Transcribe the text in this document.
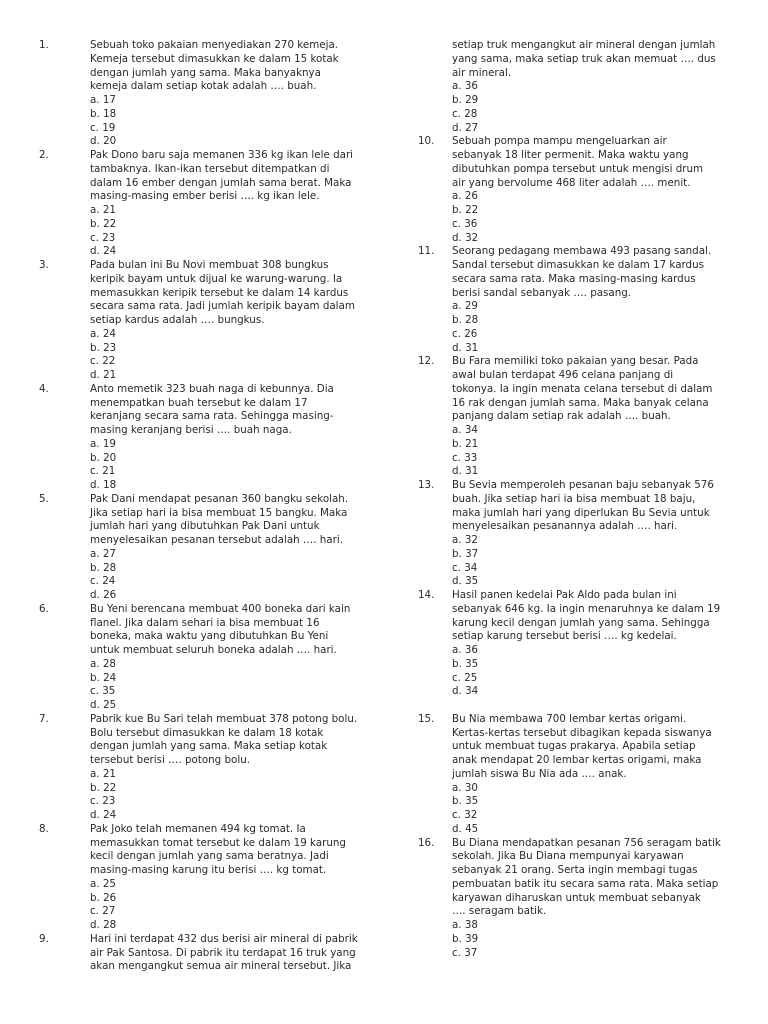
1.	Sebuah toko pakaian menyediakan 270 kemeja.
Kemeja tersebut dimasukkan ke dalam 15 kotak
dengan jumlah yang sama. Maka banyaknya
kemeja dalam setiap kotak adalah …. buah.
a. 17
b. 18
c. 19
d. 20
2.	Pak Dono baru saja memanen 336 kg ikan lele dari
tambaknya. Ikan-ikan tersebut ditempatkan di
dalam 16 ember dengan jumlah sama berat. Maka
masing-masing ember berisi …. kg ikan lele.
a. 21
b. 22
c. 23
d. 24
3.	Pada bulan ini Bu Novi membuat 308 bungkus
keripik bayam untuk dijual ke warung-warung. Ia
memasukkan keripik tersebut ke dalam 14 kardus
secara sama rata. Jadi jumlah keripik bayam dalam
setiap kardus adalah …. bungkus.
a. 24
b. 23
c. 22
d. 21
4.	Anto memetik 323 buah naga di kebunnya. Dia
menempatkan buah tersebut ke dalam 17
keranjang secara sama rata. Sehingga masing-
masing keranjang berisi …. buah naga.
a. 19
b. 20
c. 21
d. 18
5.	Pak Dani mendapat pesanan 360 bangku sekolah.
Jika setiap hari ia bisa membuat 15 bangku. Maka
jumlah hari yang dibutuhkan Pak Dani untuk
menyelesaikan pesanan tersebut adalah …. hari.
a. 27
b. 28
c. 24
d. 26
6.	Bu Yeni berencana membuat 400 boneka dari kain
flanel. Jika dalam sehari ia bisa membuat 16
boneka, maka waktu yang dibutuhkan Bu Yeni
untuk membuat seluruh boneka adalah …. hari.
a. 28
b. 24
c. 35
d. 25
7.	Pabrik kue Bu Sari telah membuat 378 potong bolu.
Bolu tersebut dimasukkan ke dalam 18 kotak
dengan jumlah yang sama. Maka setiap kotak
tersebut berisi …. potong bolu.
a. 21
b. 22
c. 23
d. 24
8.	Pak Joko telah memanen 494 kg tomat. Ia
memasukkan tomat tersebut ke dalam 19 karung
kecil dengan jumlah yang sama beratnya. Jadi
masing-masing karung itu berisi …. kg tomat.
a. 25
b. 26
c. 27
d. 28
9.	Hari ini terdapat 432 dus berisi air mineral di pabrik
air Pak Santosa. Di pabrik itu terdapat 16 truk yang
akan mengangkut semua air mineral tersebut. Jika
setiap truk mengangkut air mineral dengan jumlah
yang sama, maka setiap truk akan memuat …. dus
air mineral.
a. 36
b. 29
c. 28
d. 27
10.	Sebuah pompa mampu mengeluarkan air
sebanyak 18 liter permenit. Maka waktu yang
dibutuhkan pompa tersebut untuk mengisi drum
air yang bervolume 468 liter adalah …. menit.
a. 26
b. 22
c. 36
d. 32
11.	Seorang pedagang membawa 493 pasang sandal.
Sandal tersebut dimasukkan ke dalam 17 kardus
secara sama rata. Maka masing-masing kardus
berisi sandal sebanyak …. pasang.
a. 29
b. 28
c. 26
d. 31
12.	Bu Fara memiliki toko pakaian yang besar. Pada
awal bulan terdapat 496 celana panjang di
tokonya. Ia ingin menata celana tersebut di dalam
16 rak dengan jumlah sama. Maka banyak celana
panjang dalam setiap rak adalah …. buah.
a. 34
b. 21
c. 33
d. 31
13.	Bu Sevia memperoleh pesanan baju sebanyak 576
buah. Jika setiap hari ia bisa membuat 18 baju,
maka jumlah hari yang diperlukan Bu Sevia untuk
menyelesaikan pesanannya adalah …. hari.
a. 32
b. 37
c. 34
d. 35
14.	Hasil panen kedelai Pak Aldo pada bulan ini
sebanyak 646 kg. Ia ingin menaruhnya ke dalam 19
karung kecil dengan jumlah yang sama. Sehingga
setiap karung tersebut berisi …. kg kedelai.
a. 36
b. 35
c. 25
d. 34
15.	Bu Nia membawa 700 lembar kertas origami.
Kertas-kertas tersebut dibagikan kepada siswanya
untuk membuat tugas prakarya. Apabila setiap
anak mendapat 20 lembar kertas origami, maka
jumlah siswa Bu Nia ada …. anak.
a. 30
b. 35
c. 32
d. 45
16.	Bu Diana mendapatkan pesanan 756 seragam batik
sekolah. Jika Bu Diana mempunyai karyawan
sebanyak 21 orang. Serta ingin membagi tugas
pembuatan batik itu secara sama rata. Maka setiap
karyawan diharuskan untuk membuat sebanyak
…. seragam batik.
a. 38
b. 39
c. 37
